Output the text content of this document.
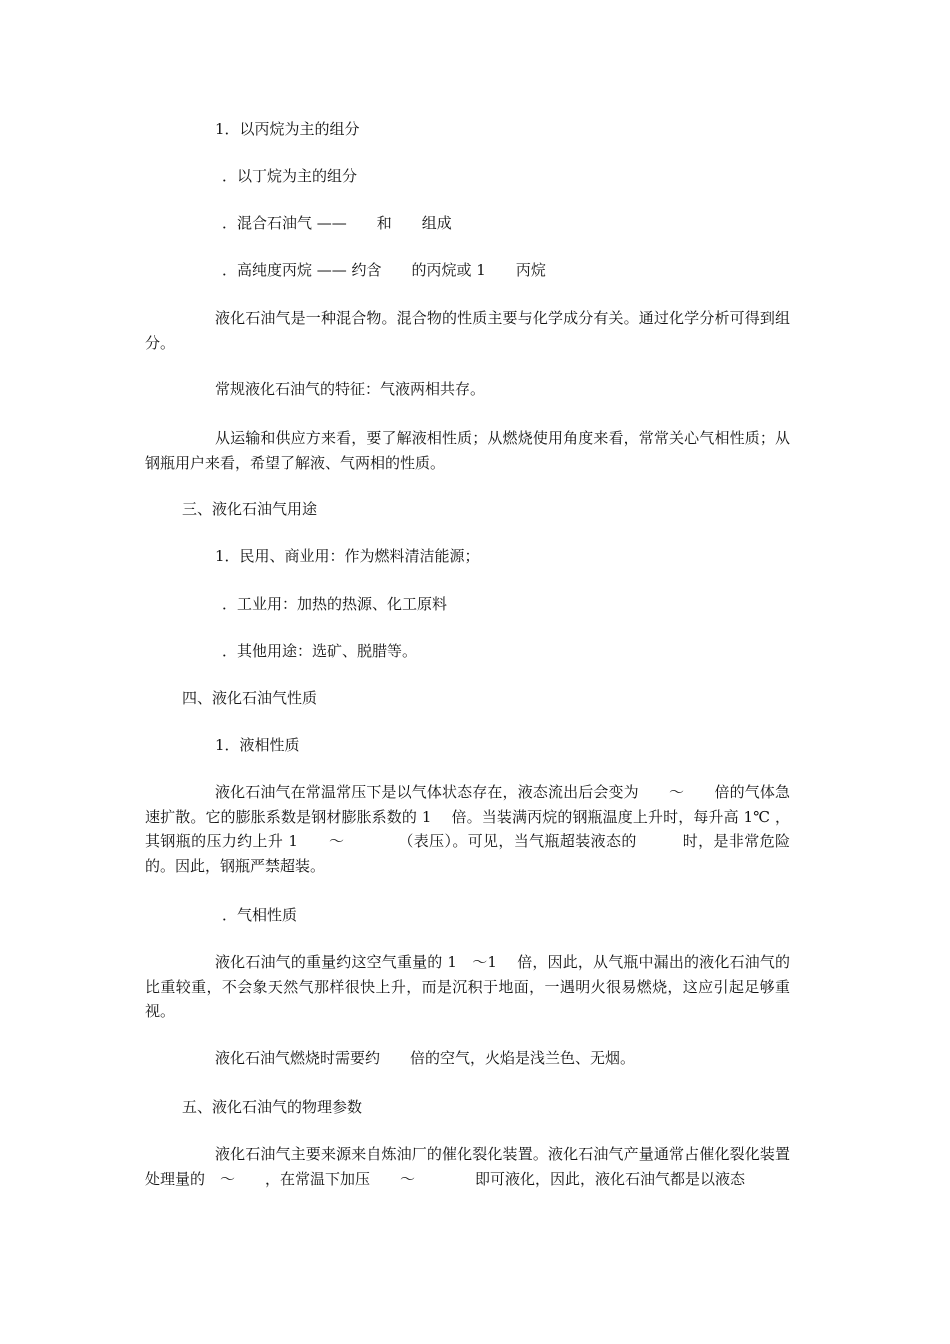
1．以丙烷为主的组分
．以丁烷为主的组分
．混合石油气 ——　　和　　组成
．高纯度丙烷 —— 约含　　的丙烷或 1　　丙烷
液化石油气是一种混合物。混合物的性质主要与化学成分有关。通过化学分析可得到组分。
常规液化石油气的特征：气液两相共存。
从运输和供应方来看，要了解液相性质；从燃烧使用角度来看，常常关心气相性质；从钢瓶用户来看，希望了解液、气两相的性质。
三、液化石油气用途
1．民用、商业用：作为燃料清洁能源；
．工业用：加热的热源、化工原料
．其他用途：选矿、脱腊等。
四、液化石油气性质
1．液相性质
液化石油气在常温常压下是以气体状态存在，液态流出后会变为　　～　　倍的气体急速扩散。它的膨胀系数是钢材膨胀系数的 1　 倍。当装满丙烷的钢瓶温度上升时，每升高 1℃ ，其钢瓶的压力约上升 1　　～　　　　（表压）。可见，当气瓶超装液态的　　　时，是非常危险的。因此，钢瓶严禁超装。
．气相性质
液化石油气的重量约这空气重量的 1　～1　 倍，因此，从气瓶中漏出的液化石油气的比重较重，不会象天然气那样很快上升，而是沉积于地面，一遇明火很易燃烧，这应引起足够重视。
液化石油气燃烧时需要约　　倍的空气，火焰是浅兰色、无烟。
五、液化石油气的物理参数
液化石油气主要来源来自炼油厂的催化裂化装置。液化石油气产量通常占催化裂化装置处理量的　～　　，在常温下加压　　～　　　　即可液化，因此，液化石油气都是以液态
